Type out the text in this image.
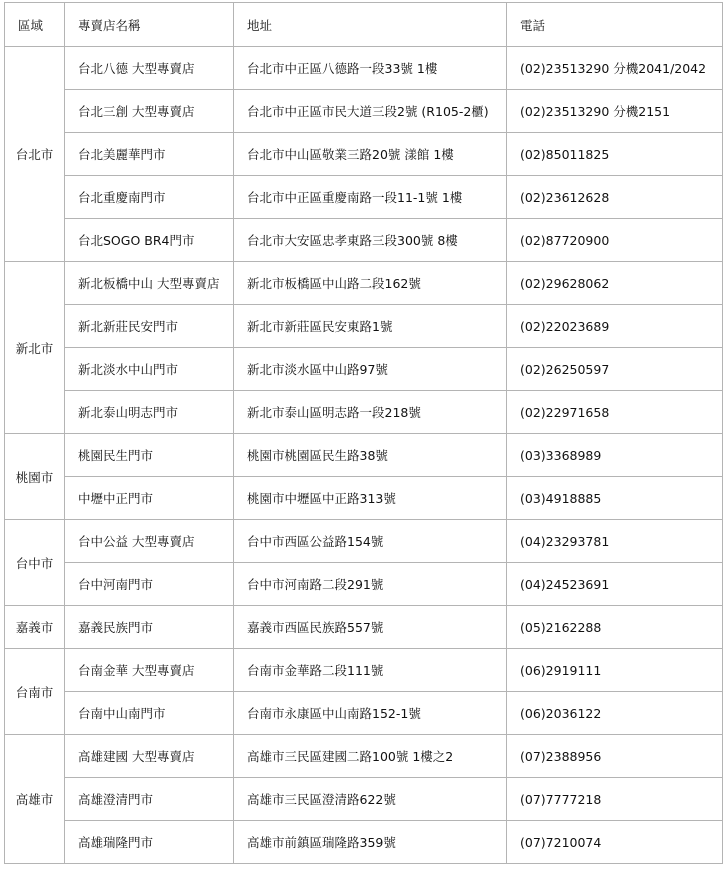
區域	專賣店名稱	地址	電話
台北市	台北八德 大型專賣店	台北市中正區八德路一段33號 1樓	(02)23513290 分機2041/2042
	台北三創 大型專賣店	台北市中正區市民大道三段2號 (R105-2櫃)	(02)23513290 分機2151
	台北美麗華門市	台北市中山區敬業三路20號 漾館 1樓	(02)85011825
	台北重慶南門市	台北市中正區重慶南路一段11-1號 1樓	(02)23612628
	台北SOGO BR4門市	台北市大安區忠孝東路三段300號 8樓	(02)87720900
新北市	新北板橋中山 大型專賣店	新北市板橋區中山路二段162號	(02)29628062
	新北新莊民安門市	新北市新莊區民安東路1號	(02)22023689
	新北淡水中山門市	新北市淡水區中山路97號	(02)26250597
	新北泰山明志門市	新北市泰山區明志路一段218號	(02)22971658
桃園市	桃園民生門市	桃園市桃園區民生路38號	(03)3368989
	中壢中正門市	桃園市中壢區中正路313號	(03)4918885
台中市	台中公益 大型專賣店	台中市西區公益路154號	(04)23293781
	台中河南門市	台中市河南路二段291號	(04)24523691
嘉義市	嘉義民族門市	嘉義市西區民族路557號	(05)2162288
台南市	台南金華 大型專賣店	台南市金華路二段111號	(06)2919111
	台南中山南門市	台南市永康區中山南路152-1號	(06)2036122
高雄市	高雄建國 大型專賣店	高雄市三民區建國二路100號 1樓之2	(07)2388956
	高雄澄清門市	高雄市三民區澄清路622號	(07)7777218
	高雄瑞隆門市	高雄市前鎮區瑞隆路359號	(07)7210074
